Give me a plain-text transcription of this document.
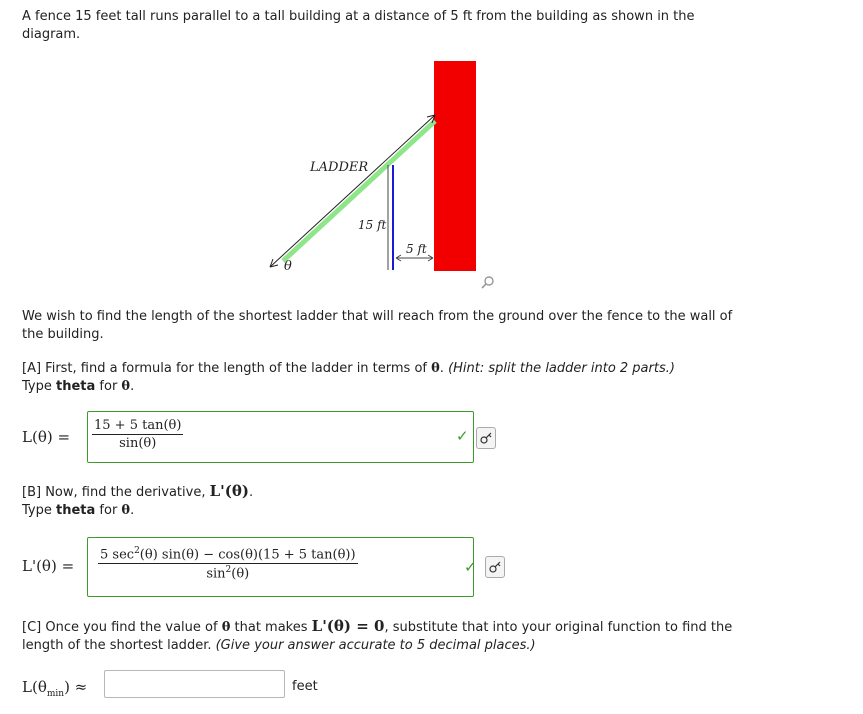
A fence 15 feet tall runs parallel to a tall building at a distance of 5 ft from the building as shown in the diagram.

LADDER
15 ft
5 ft
θ

We wish to find the length of the shortest ladder that will reach from the ground over the fence to the wall of the building.

[A] First, find a formula for the length of the ladder in terms of θ. (Hint: split the ladder into 2 parts.)
Type theta for θ.

L(θ) =
15 + 5 tan(θ)
sin(θ)	✓

[B] Now, find the derivative, L'(θ).
Type theta for θ.

L'(θ) =
5 $\sec^2(\theta) \sin(\theta) - \cos(\theta)(15 + 5$ tan(θ))
$\sin^2(\theta)$	✓

[C] Once you find the value of θ that makes L'(θ) = 0, substitute that into your original function to find the length of the shortest ladder. (Give your answer accurate to 5 decimal places.)

$L(\theta_{min})$ ≈	feet
